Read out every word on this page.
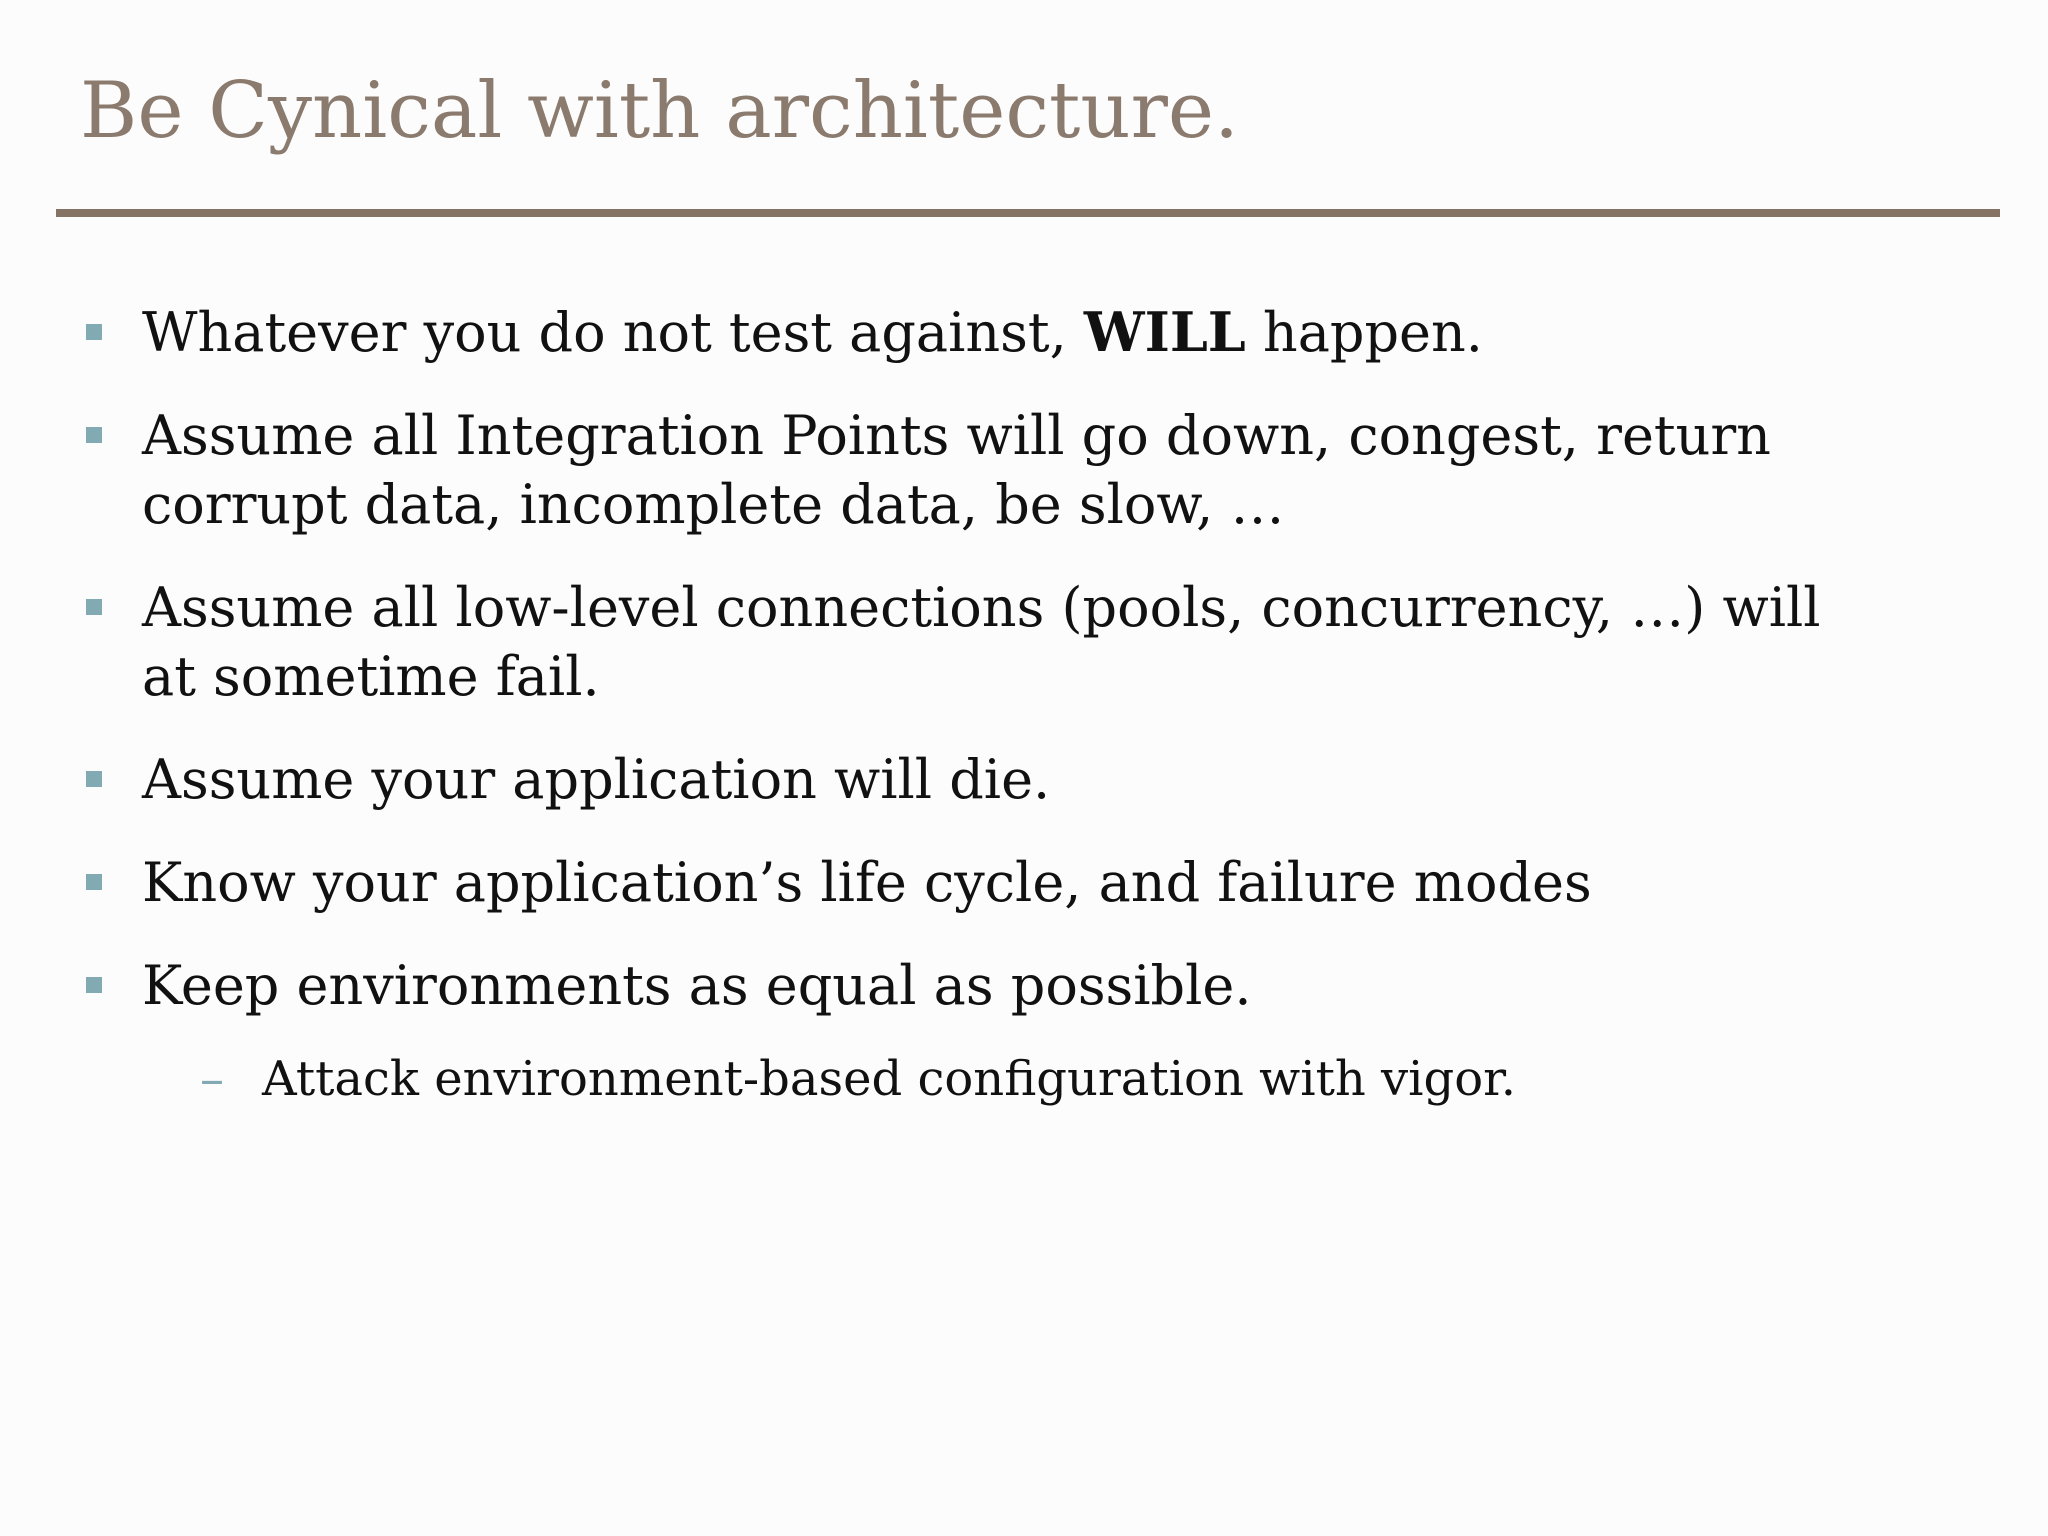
Be Cynical with architecture.
Whatever you do not test against, WILL happen.
Assume all Integration Points will go down, congest, return corrupt data, incomplete data, be slow, …
Assume all low-level connections (pools, concurrency, …) will at sometime fail.
Assume your application will die.
Know your application’s life cycle, and failure modes
Keep environments as equal as possible.
– Attack environment-based configuration with vigor.
